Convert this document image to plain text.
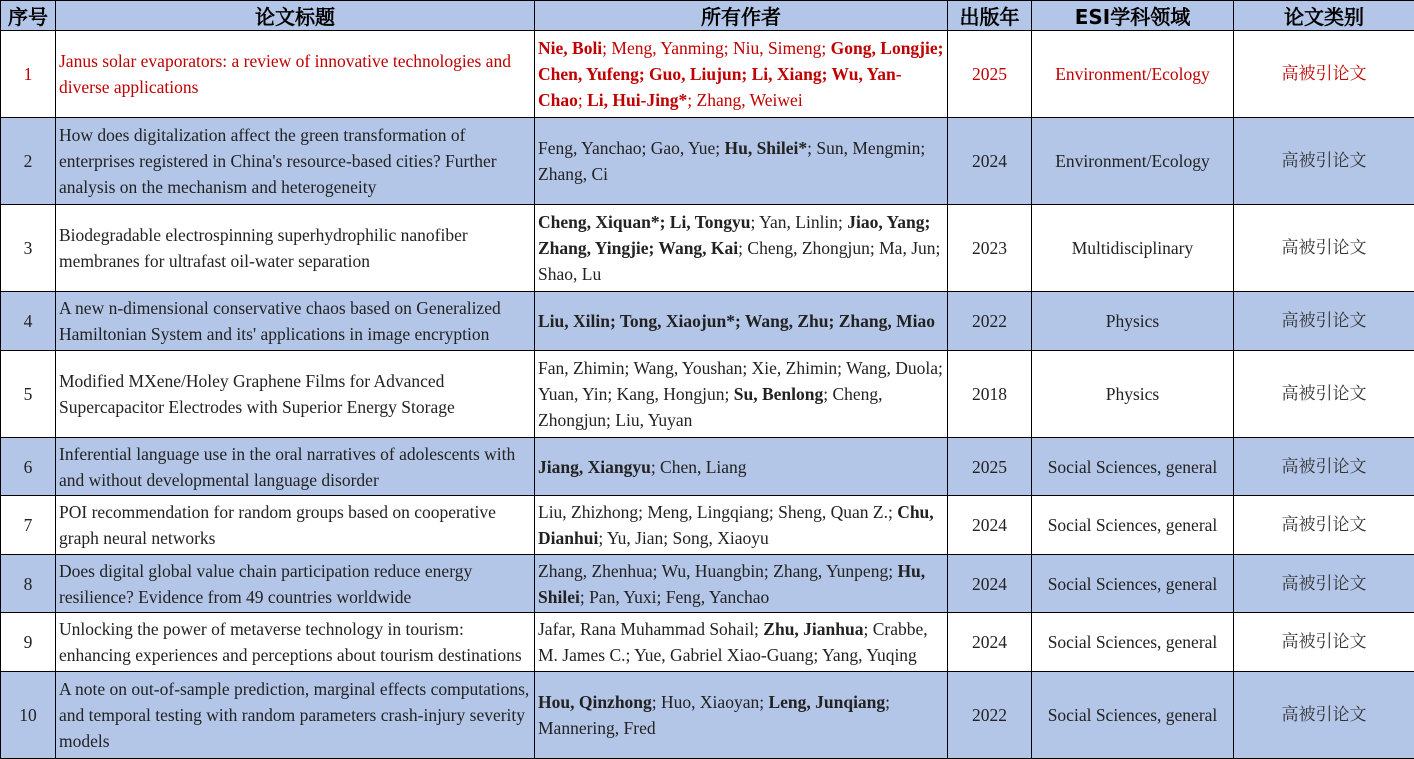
序号	论文标题	所有作者	出版年	ESI学科领域	论文类别
1	Janus solar evaporators: a review of innovative technologies and diverse applications	Nie, Boli; Meng, Yanming; Niu, Simeng; Gong, Longjie; Chen, Yufeng; Guo, Liujun; Li, Xiang; Wu, Yan-Chao; Li, Hui-Jing*; Zhang, Weiwei	2025	Environment/Ecology	高被引论文
2	How does digitalization affect the green transformation of enterprises registered in China's resource-based cities? Further analysis on the mechanism and heterogeneity	Feng, Yanchao; Gao, Yue; Hu, Shilei*; Sun, Mengmin; Zhang, Ci	2024	Environment/Ecology	高被引论文
3	Biodegradable electrospinning superhydrophilic nanofiber membranes for ultrafast oil-water separation	Cheng, Xiquan*; Li, Tongyu; Yan, Linlin; Jiao, Yang; Zhang, Yingjie; Wang, Kai; Cheng, Zhongjun; Ma, Jun; Shao, Lu	2023	Multidisciplinary	高被引论文
4	A new n-dimensional conservative chaos based on Generalized Hamiltonian System and its' applications in image encryption	Liu, Xilin; Tong, Xiaojun*; Wang, Zhu; Zhang, Miao	2022	Physics	高被引论文
5	Modified MXene/Holey Graphene Films for Advanced Supercapacitor Electrodes with Superior Energy Storage	Fan, Zhimin; Wang, Youshan; Xie, Zhimin; Wang, Duola; Yuan, Yin; Kang, Hongjun; Su, Benlong; Cheng, Zhongjun; Liu, Yuyan	2018	Physics	高被引论文
6	Inferential language use in the oral narratives of adolescents with and without developmental language disorder	Jiang, Xiangyu; Chen, Liang	2025	Social Sciences, general	高被引论文
7	POI recommendation for random groups based on cooperative graph neural networks	Liu, Zhizhong; Meng, Lingqiang; Sheng, Quan Z.; Chu, Dianhui; Yu, Jian; Song, Xiaoyu	2024	Social Sciences, general	高被引论文
8	Does digital global value chain participation reduce energy resilience? Evidence from 49 countries worldwide	Zhang, Zhenhua; Wu, Huangbin; Zhang, Yunpeng; Hu, Shilei; Pan, Yuxi; Feng, Yanchao	2024	Social Sciences, general	高被引论文
9	Unlocking the power of metaverse technology in tourism: enhancing experiences and perceptions about tourism destinations	Jafar, Rana Muhammad Sohail; Zhu, Jianhua; Crabbe, M. James C.; Yue, Gabriel Xiao-Guang; Yang, Yuqing	2024	Social Sciences, general	高被引论文
10	A note on out-of-sample prediction, marginal effects computations, and temporal testing with random parameters crash-injury severity models	Hou, Qinzhong; Huo, Xiaoyan; Leng, Junqiang; Mannering, Fred	2022	Social Sciences, general	高被引论文
